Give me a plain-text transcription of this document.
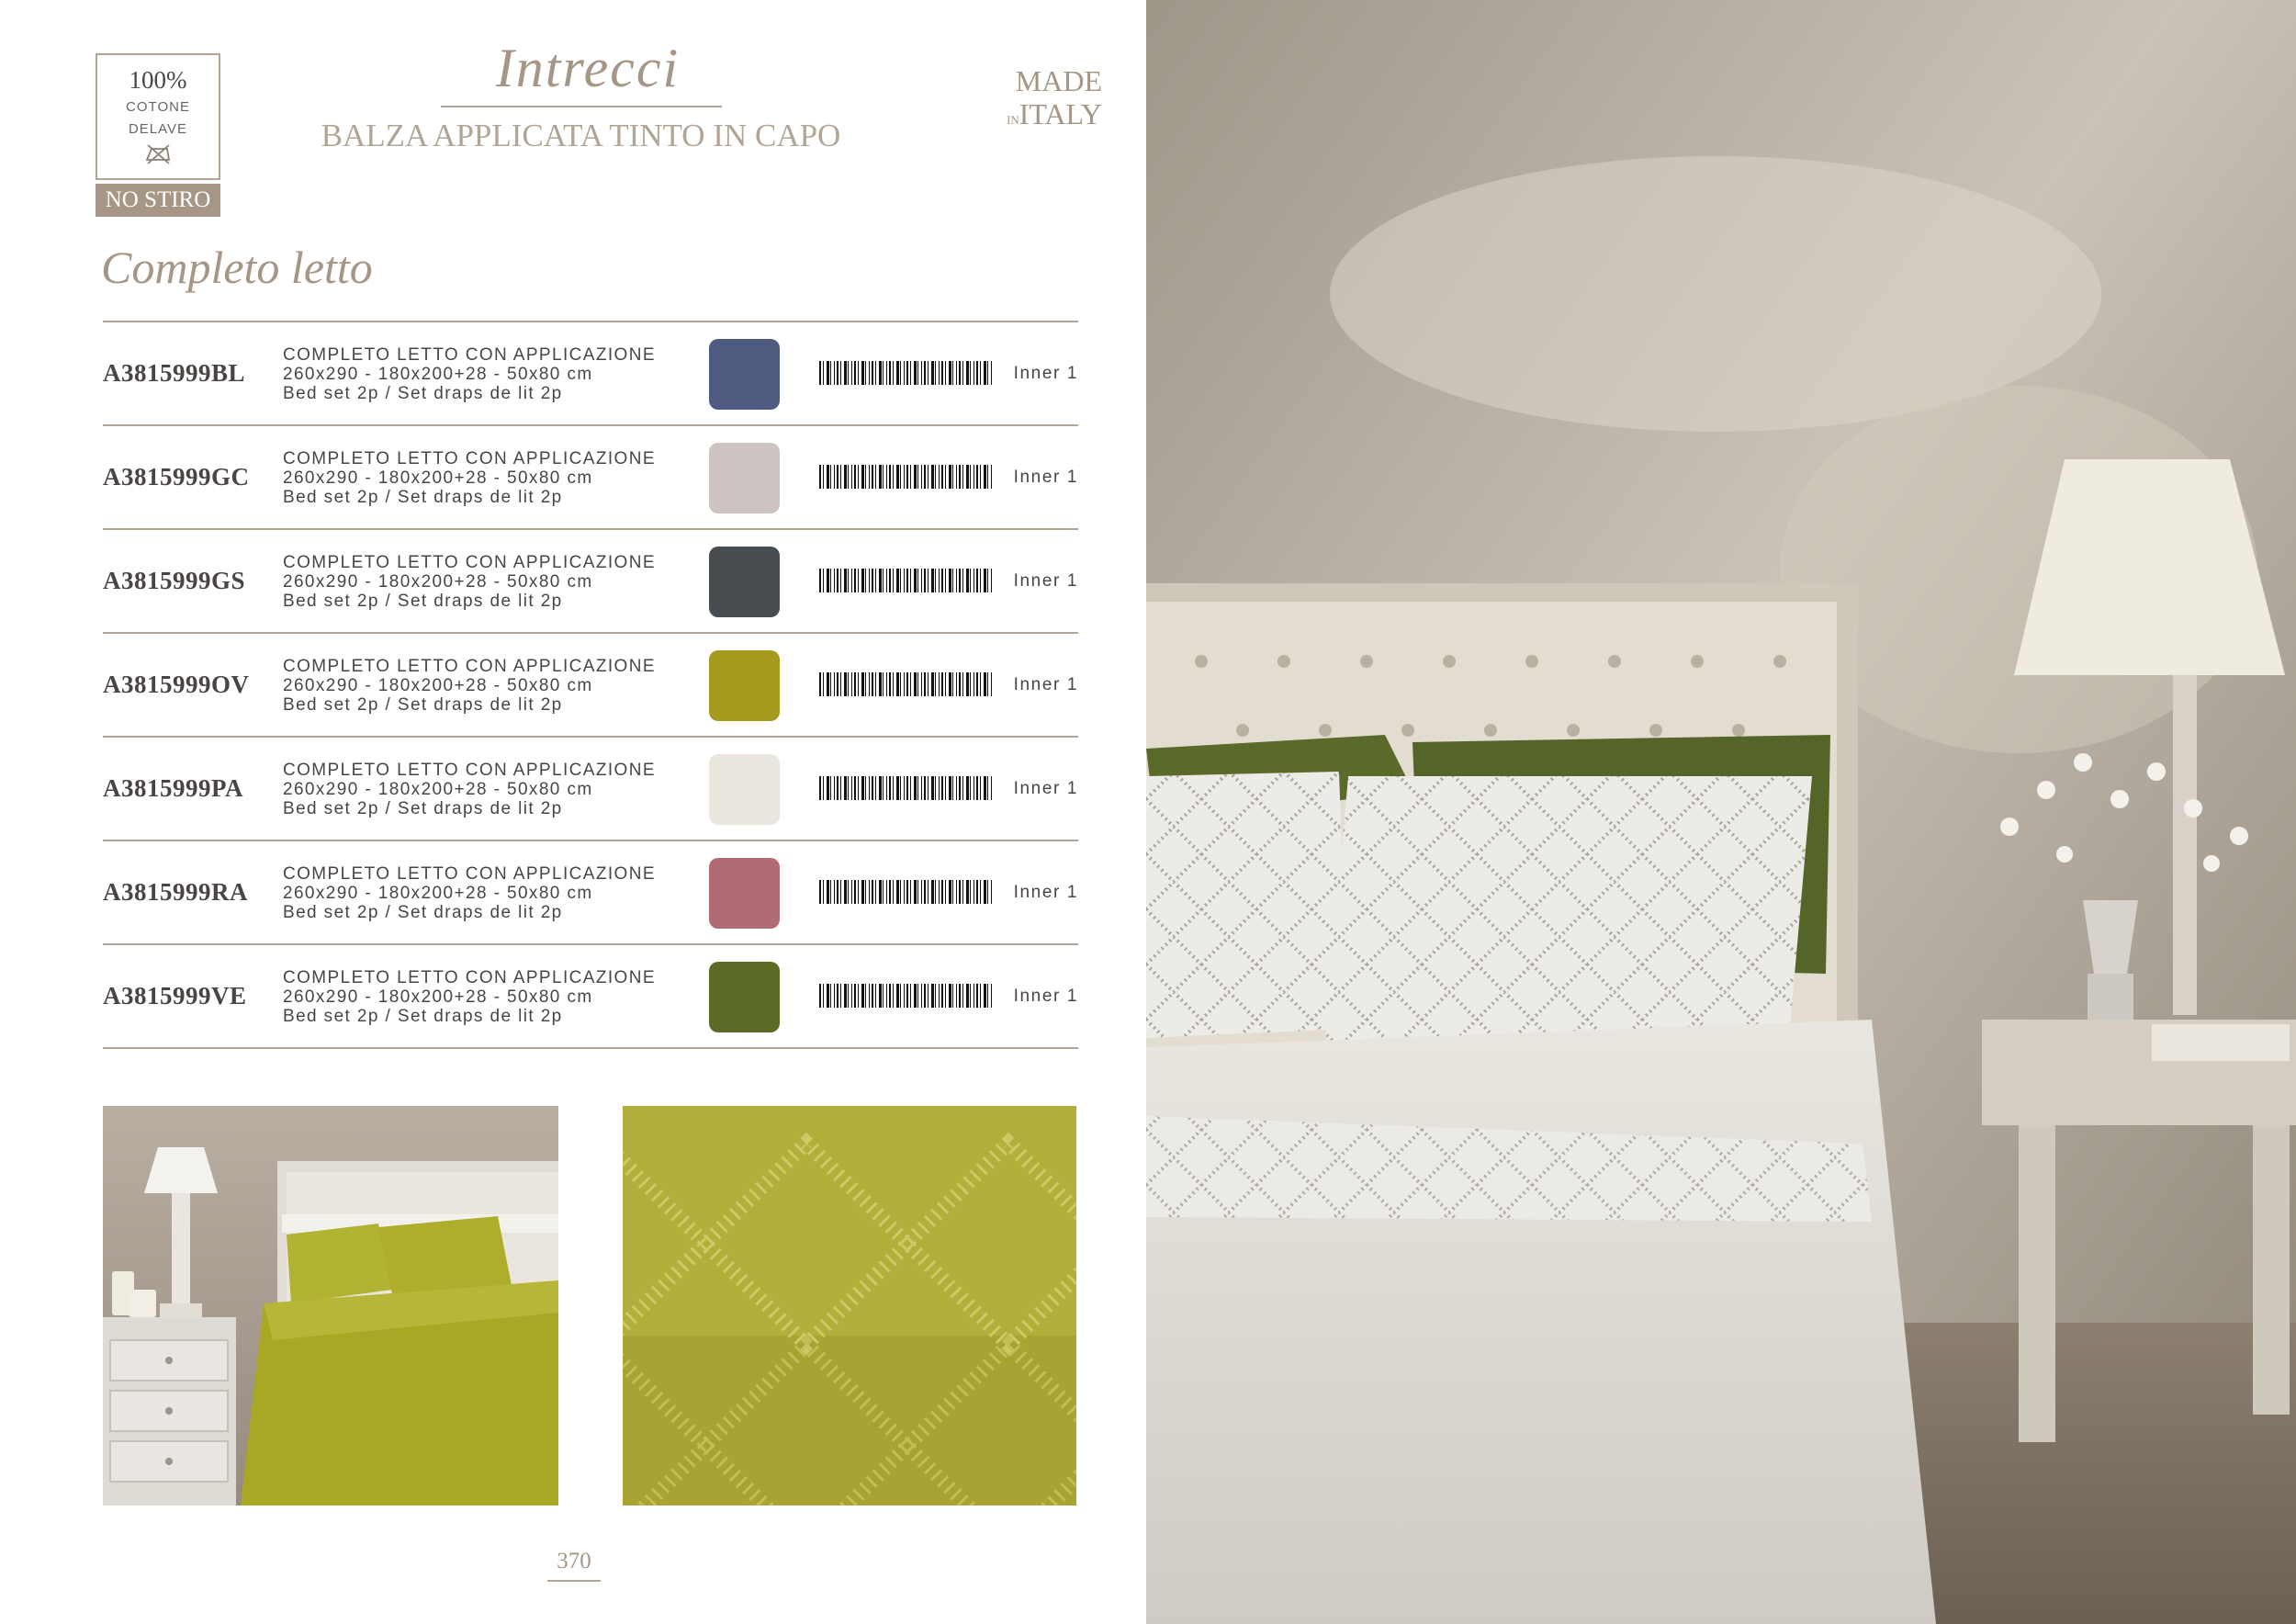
100%
COTONE
DELAVE
NO STIRO
Intrecci
BALZA APPLICATA TINTO IN CAPO
MADE
INITALY
Completo letto
A3815999BL
COMPLETO LETTO CON APPLICAZIONE
260x290 - 180x200+28 - 50x80 cm
Bed set 2p / Set draps de lit 2p
Inner 1
A3815999GC
COMPLETO LETTO CON APPLICAZIONE
260x290 - 180x200+28 - 50x80 cm
Bed set 2p / Set draps de lit 2p
Inner 1
A3815999GS
COMPLETO LETTO CON APPLICAZIONE
260x290 - 180x200+28 - 50x80 cm
Bed set 2p / Set draps de lit 2p
Inner 1
A3815999OV
COMPLETO LETTO CON APPLICAZIONE
260x290 - 180x200+28 - 50x80 cm
Bed set 2p / Set draps de lit 2p
Inner 1
A3815999PA
COMPLETO LETTO CON APPLICAZIONE
260x290 - 180x200+28 - 50x80 cm
Bed set 2p / Set draps de lit 2p
Inner 1
A3815999RA
COMPLETO LETTO CON APPLICAZIONE
260x290 - 180x200+28 - 50x80 cm
Bed set 2p / Set draps de lit 2p
Inner 1
A3815999VE
COMPLETO LETTO CON APPLICAZIONE
260x290 - 180x200+28 - 50x80 cm
Bed set 2p / Set draps de lit 2p
Inner 1
370
